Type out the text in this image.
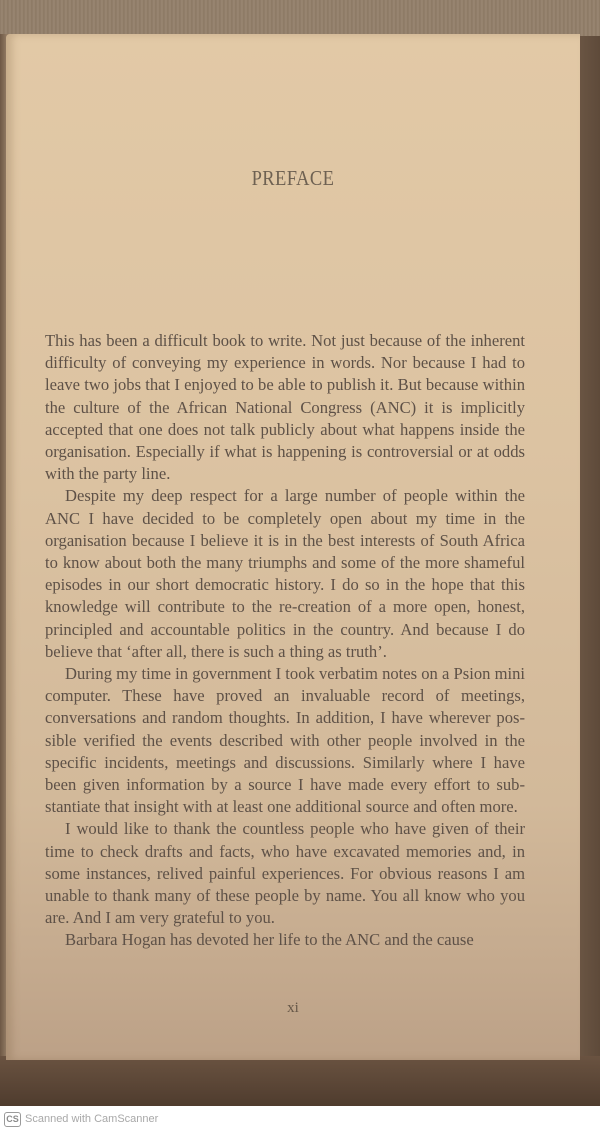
PREFACE

This has been a difficult book to write. Not just because of the inherent difficulty of conveying my experience in words. Nor because I had to leave two jobs that I enjoyed to be able to publish it. But because within the culture of the African National Congress (ANC) it is implicitly accepted that one does not talk publicly about what happens inside the organisation. Especially if what is happening is controversial or at odds with the party line.

Despite my deep respect for a large number of people within the ANC I have decided to be completely open about my time in the organisation because I believe it is in the best interests of South Africa to know about both the many triumphs and some of the more shameful episodes in our short democratic history. I do so in the hope that this knowledge will contribute to the re-creation of a more open, honest, principled and accountable politics in the country. And because I do believe that ‘after all, there is such a thing as truth’.

During my time in government I took verbatim notes on a Psion mini computer. These have proved an invaluable record of meetings, conversations and random thoughts. In addition, I have wherever possible verified the events described with other people involved in the specific incidents, meetings and discussions. Similarly where I have been given information by a source I have made every effort to substantiate that insight with at least one additional source and often more.

I would like to thank the countless people who have given of their time to check drafts and facts, who have excavated memories and, in some instances, relived painful experiences. For obvious reasons I am unable to thank many of these people by name. You all know who you are. And I am very grateful to you.

Barbara Hogan has devoted her life to the ANC and the cause

xi
CS Scanned with CamScanner
